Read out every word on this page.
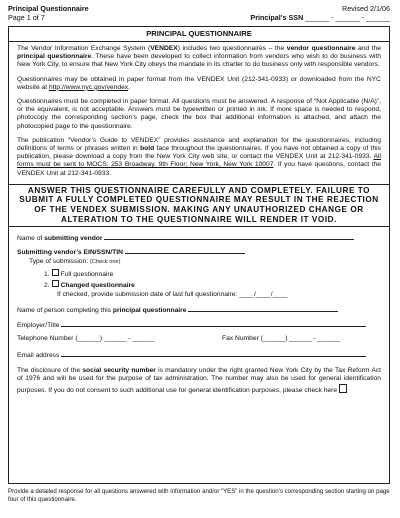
Principal Questionnaire
Page 1 of 7
Revised 2/1/06
Principal's SSN ______ - ______ - ______
PRINCIPAL QUESTIONNAIRE

The Vendor Information Exchange System (VENDEX) includes two questionnaires – the vendor questionnaire and the principal questionnaire. These have been developed to collect information from vendors who wish to do business with New York City, to ensure that New York City obeys the mandate in its charter to do business only with responsible vendors.

Questionnaires may be obtained in paper format from the VENDEX Unit (212-341-0933) or downloaded from the NYC website at http://www.nyc.gov/vendex.

Questionnaires must be completed in paper format. All questions must be answered. A response of “Not Applicable (N/A)”, or the equivalent, is not acceptable. Answers must be typewritten or printed in ink. If more space is needed to respond, photocopy the corresponding section’s page, check the box that additional information is attached, and attach the photocopied page to the questionnaire.

The publication “Vendor’s Guide to VENDEX” provides assistance and explanation for the questionnaires, including definitions of terms or phrases written in bold face throughout the questionnaires. If you have not obtained a copy of this publication, please download a copy from the New York City web site, or contact the VENDEX Unit at 212-341-0933. All forms must be sent to MOCS: 253 Broadway, 9th Floor; New York, New York 10007. If you have questions, contact the VENDEX Unit at 212-341-0933.

ANSWER THIS QUESTIONNAIRE CAREFULLY AND COMPLETELY. FAILURE TO SUBMIT A FULLY COMPLETED QUESTIONNAIRE MAY RESULT IN THE REJECTION OF THE VENDEX SUBMISSION. MAKING ANY UNAUTHORIZED CHANGE OR ALTERATION TO THE QUESTIONNAIRE WILL RENDER IT VOID.
Name of submitting vendor
Submitting vendor’s EIN/SSN/TIN
Type of submission: (Check one)
1. Full questionnaire
2. Changed questionnaire
If checked, provide submission date of last full questionnaire: ____/____/____
Name of person completing this principal questionnaire
Employer/Title
Telephone Number (______) ______ - ______	Fax Number (______) ______ - ______
Email address
The disclosure of the social security number is mandatory under the right granted New York City by the Tax Reform Act of 1976 and will be used for the purpose of tax administration. The number may also be used for general identification purposes. If you do not consent to such additional use for general identification purposes, please check here
Provide a detailed response for all questions answered with information and/or “YES” in the question’s corresponding section starting on page four of this questionnaire.
